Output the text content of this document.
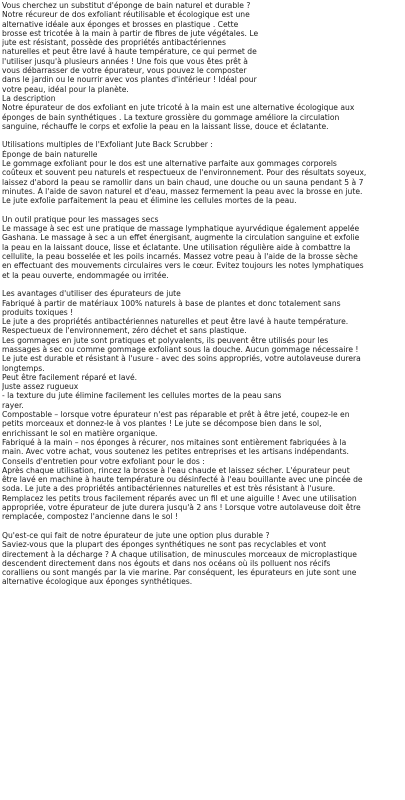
Vous cherchez un substitut d'éponge de bain naturel et durable ?
Notre récureur de dos exfoliant réutilisable et écologique est une
alternative idéale aux éponges et brosses en plastique . Cette
brosse est tricotée à la main à partir de fibres de jute végétales. Le
jute est résistant, possède des propriétés antibactériennes
naturelles et peut être lavé à haute température, ce qui permet de
l'utiliser jusqu'à plusieurs années ! Une fois que vous êtes prêt à
vous débarrasser de votre épurateur, vous pouvez le composter
dans le jardin ou le nourrir avec vos plantes d'intérieur ! Idéal pour
votre peau, idéal pour la planète.
La description
Notre épurateur de dos exfoliant en jute tricoté à la main est une alternative écologique aux
éponges de bain synthétiques . La texture grossière du gommage améliore la circulation
sanguine, réchauffe le corps et exfolie la peau en la laissant lisse, douce et éclatante.
Utilisations multiples de l'Exfoliant Jute Back Scrubber :
Éponge de bain naturelle
Le gommage exfoliant pour le dos est une alternative parfaite aux gommages corporels
coûteux et souvent peu naturels et respectueux de l'environnement. Pour des résultats soyeux,
laissez d'abord la peau se ramollir dans un bain chaud, une douche ou un sauna pendant 5 à 7
minutes. À l'aide de savon naturel et d'eau, massez fermement la peau avec la brosse en jute.
Le jute exfolie parfaitement la peau et élimine les cellules mortes de la peau.
Un outil pratique pour les massages secs
Le massage à sec est une pratique de massage lymphatique ayurvédique également appelée
Gashana. Le massage à sec a un effet énergisant, augmente la circulation sanguine et exfolie
la peau en la laissant douce, lisse et éclatante. Une utilisation régulière aide à combattre la
cellulite, la peau bosselée et les poils incarnés. Massez votre peau à l'aide de la brosse sèche
en effectuant des mouvements circulaires vers le cœur. Évitez toujours les notes lymphatiques
et la peau ouverte, endommagée ou irritée.
Les avantages d'utiliser des épurateurs de jute
Fabriqué à partir de matériaux 100% naturels à base de plantes et donc totalement sans
produits toxiques !
Le jute a des propriétés antibactériennes naturelles et peut être lavé à haute température.
Respectueux de l'environnement, zéro déchet et sans plastique.
Les gommages en jute sont pratiques et polyvalents, ils peuvent être utilisés pour les
massages à sec ou comme gommage exfoliant sous la douche. Aucun gommage nécessaire !
Le jute est durable et résistant à l'usure - avec des soins appropriés, votre autolaveuse durera
longtemps.
Peut être facilement réparé et lavé.
Juste assez rugueux
- la texture du jute élimine facilement les cellules mortes de la peau sans
rayer.
Compostable – lorsque votre épurateur n'est pas réparable et prêt à être jeté, coupez-le en
petits morceaux et donnez-le à vos plantes ! Le jute se décompose bien dans le sol,
enrichissant le sol en matière organique.
Fabriqué à la main – nos éponges à récurer, nos mitaines sont entièrement fabriquées à la
main. Avec votre achat, vous soutenez les petites entreprises et les artisans indépendants.
Conseils d'entretien pour votre exfoliant pour le dos :
Après chaque utilisation, rincez la brosse à l'eau chaude et laissez sécher. L'épurateur peut
être lavé en machine à haute température ou désinfecté à l'eau bouillante avec une pincée de
soda. Le jute a des propriétés antibactériennes naturelles et est très résistant à l'usure.
Remplacez les petits trous facilement réparés avec un fil et une aiguille ! Avec une utilisation
appropriée, votre épurateur de jute durera jusqu'à 2 ans ! Lorsque votre autolaveuse doit être
remplacée, compostez l'ancienne dans le sol !
Qu'est-ce qui fait de notre épurateur de jute une option plus durable ?
Saviez-vous que la plupart des éponges synthétiques ne sont pas recyclables et vont
directement à la décharge ? À chaque utilisation, de minuscules morceaux de microplastique
descendent directement dans nos égouts et dans nos océans où ils polluent nos récifs
coralliens ou sont mangés par la vie marine. Par conséquent, les épurateurs en jute sont une
alternative écologique aux éponges synthétiques.
